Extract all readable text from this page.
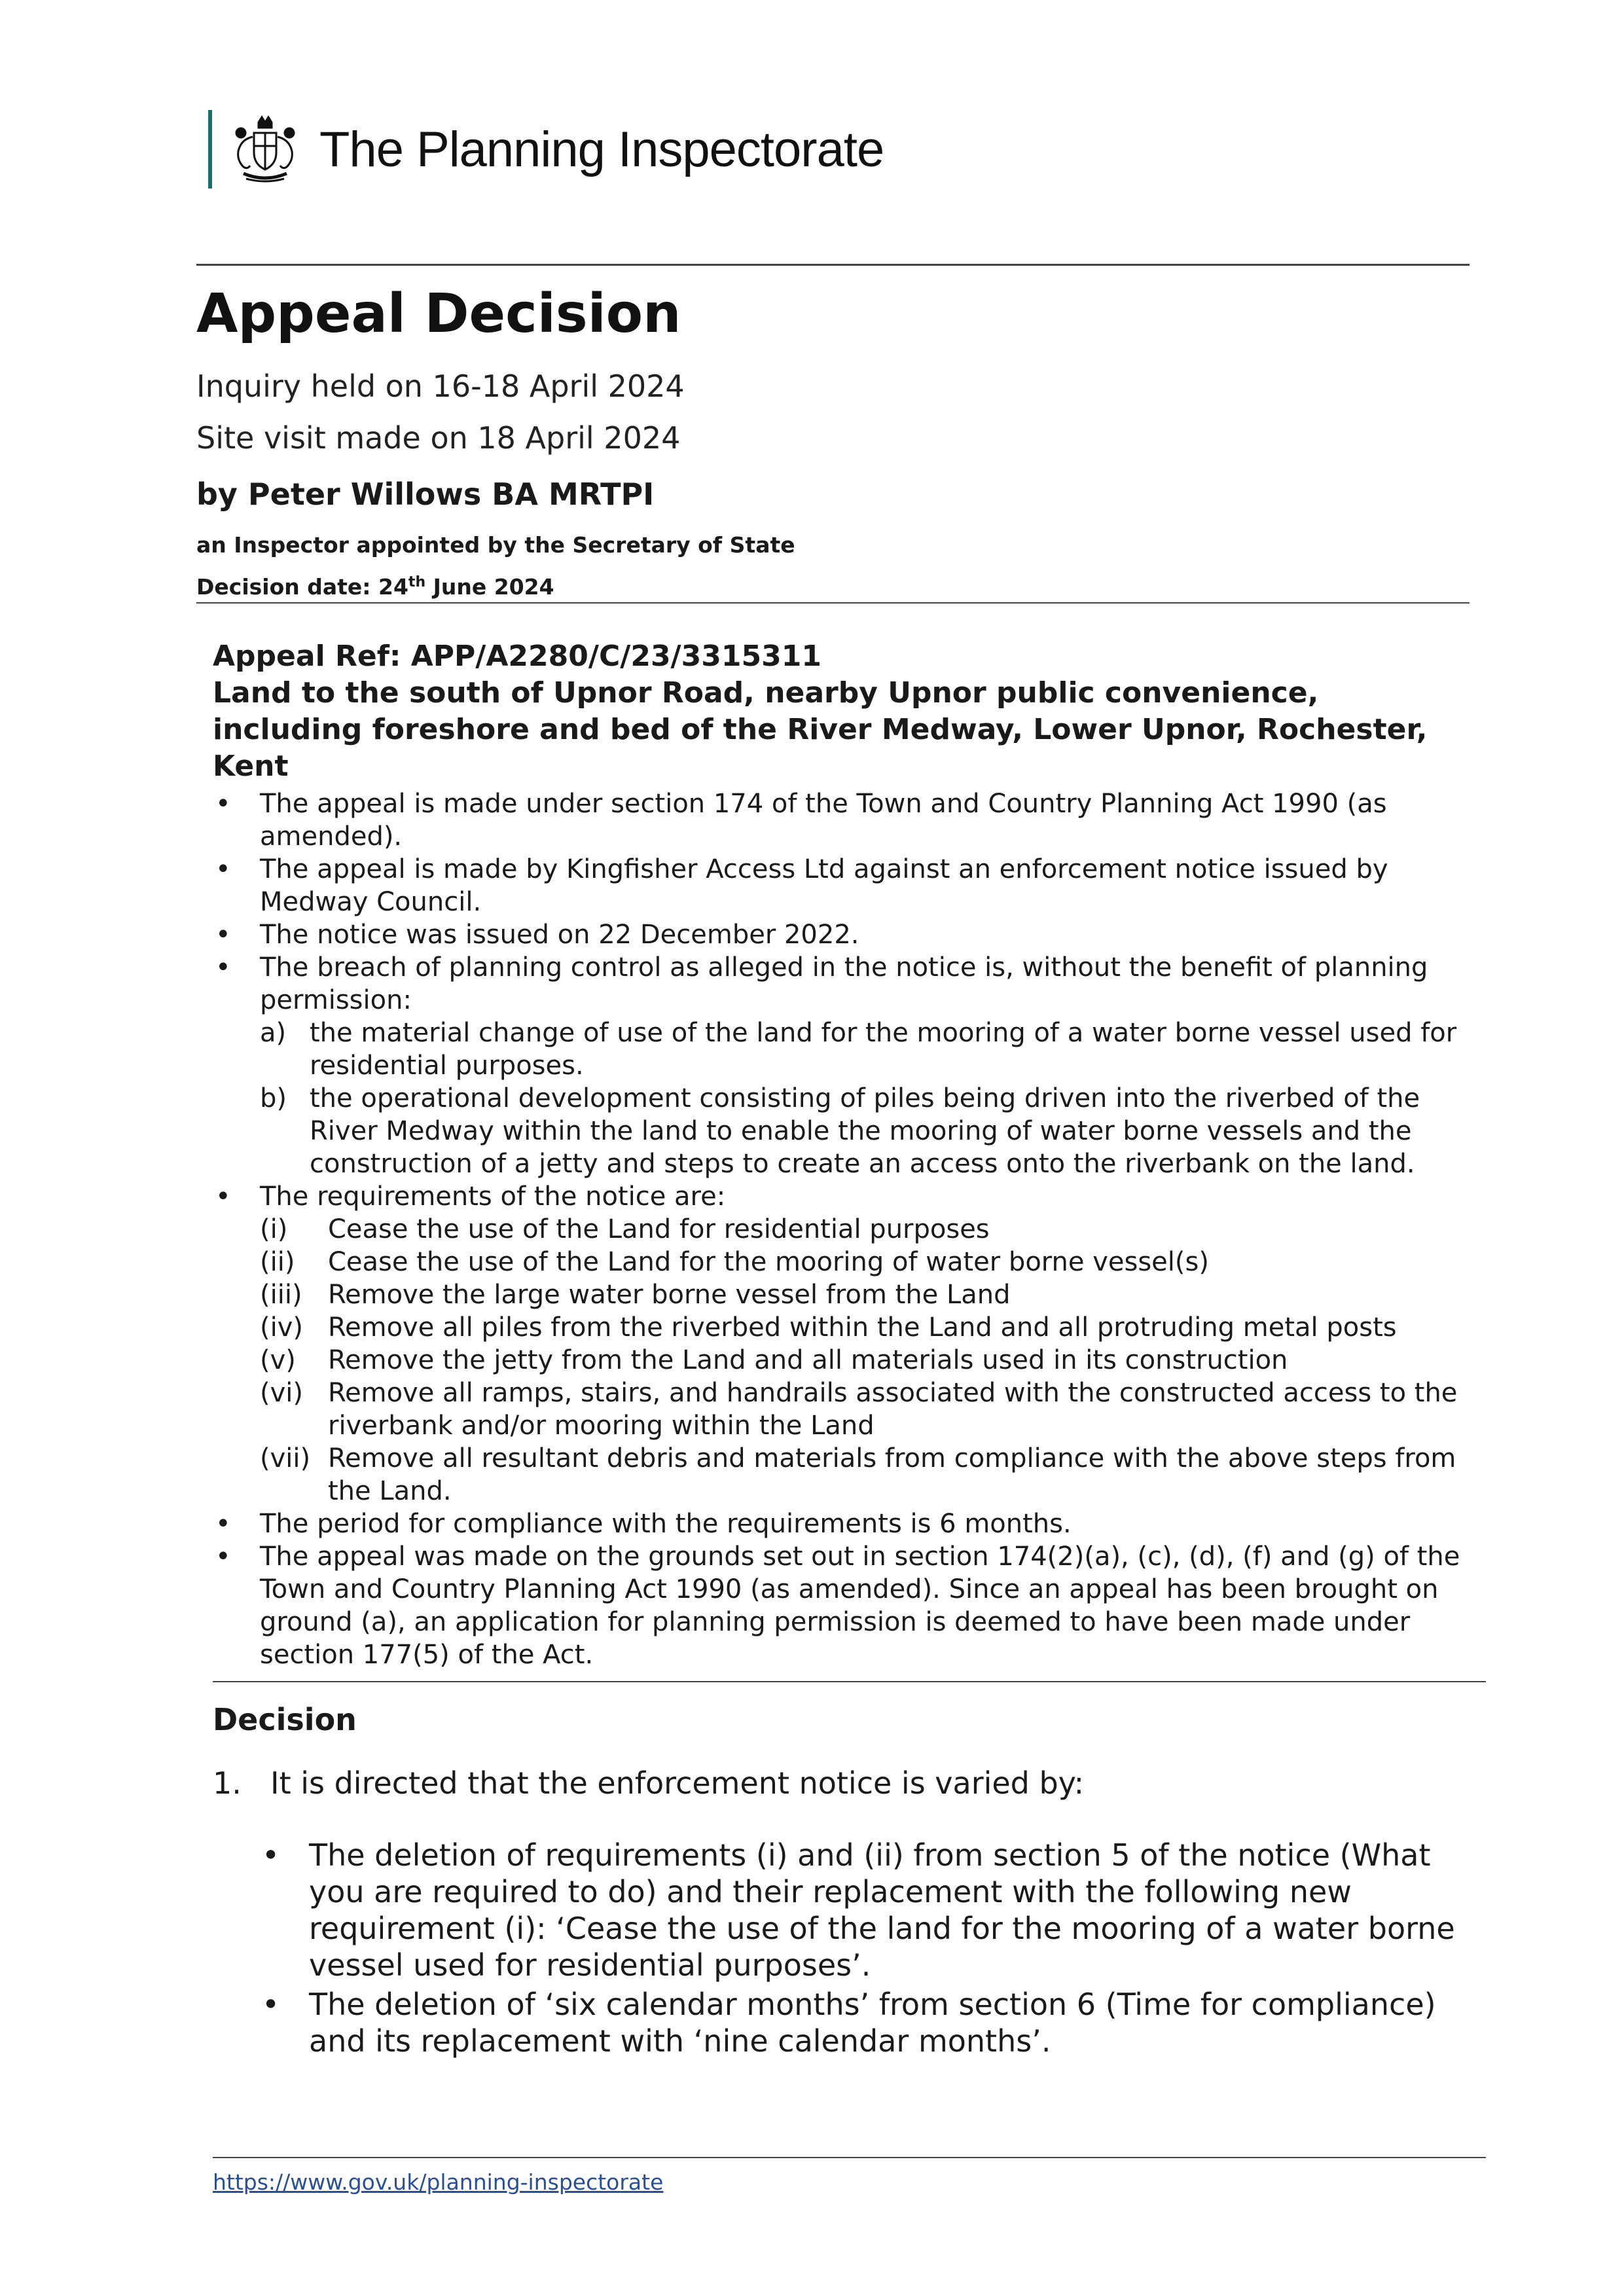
The Planning Inspectorate
Appeal Decision
Inquiry held on 16-18 April 2024
Site visit made on 18 April 2024
by Peter Willows BA MRTPI
an Inspector appointed by the Secretary of State
Decision date: 24th June 2024

Appeal Ref: APP/A2280/C/23/3315311

Land to the south of Upnor Road, nearby Upnor public convenience, including foreshore and bed of the River Medway, Lower Upnor, Rochester, Kent

• The appeal is made under section 174 of the Town and Country Planning Act 1990 (as amended).
• The appeal is made by Kingfisher Access Ltd against an enforcement notice issued by Medway Council.
• The notice was issued on 22 December 2022.
• The breach of planning control as alleged in the notice is, without the benefit of planning permission:
a) the material change of use of the land for the mooring of a water borne vessel used for residential purposes.
b) the operational development consisting of piles being driven into the riverbed of the River Medway within the land to enable the mooring of water borne vessels and the construction of a jetty and steps to create an access onto the riverbank on the land.
• The requirements of the notice are:
(i) Cease the use of the Land for residential purposes
(ii) Cease the use of the Land for the mooring of water borne vessel(s)
(iii) Remove the large water borne vessel from the Land
(iv) Remove all piles from the riverbed within the Land and all protruding metal posts
(v) Remove the jetty from the Land and all materials used in its construction
(vi) Remove all ramps, stairs, and handrails associated with the constructed access to the riverbank and/or mooring within the Land
(vii) Remove all resultant debris and materials from compliance with the above steps from the Land.
• The period for compliance with the requirements is 6 months.
• The appeal was made on the grounds set out in section 174(2)(a), (c), (d), (f) and (g) of the Town and Country Planning Act 1990 (as amended). Since an appeal has been brought on ground (a), an application for planning permission is deemed to have been made under section 177(5) of the Act.
Decision
1. It is directed that the enforcement notice is varied by:
• The deletion of requirements (i) and (ii) from section 5 of the notice (What you are required to do) and their replacement with the following new requirement (i): ‘Cease the use of the land for the mooring of a water borne vessel used for residential purposes’.
• The deletion of ‘six calendar months’ from section 6 (Time for compliance) and its replacement with ‘nine calendar months’.
https://www.gov.uk/planning-inspectorate
